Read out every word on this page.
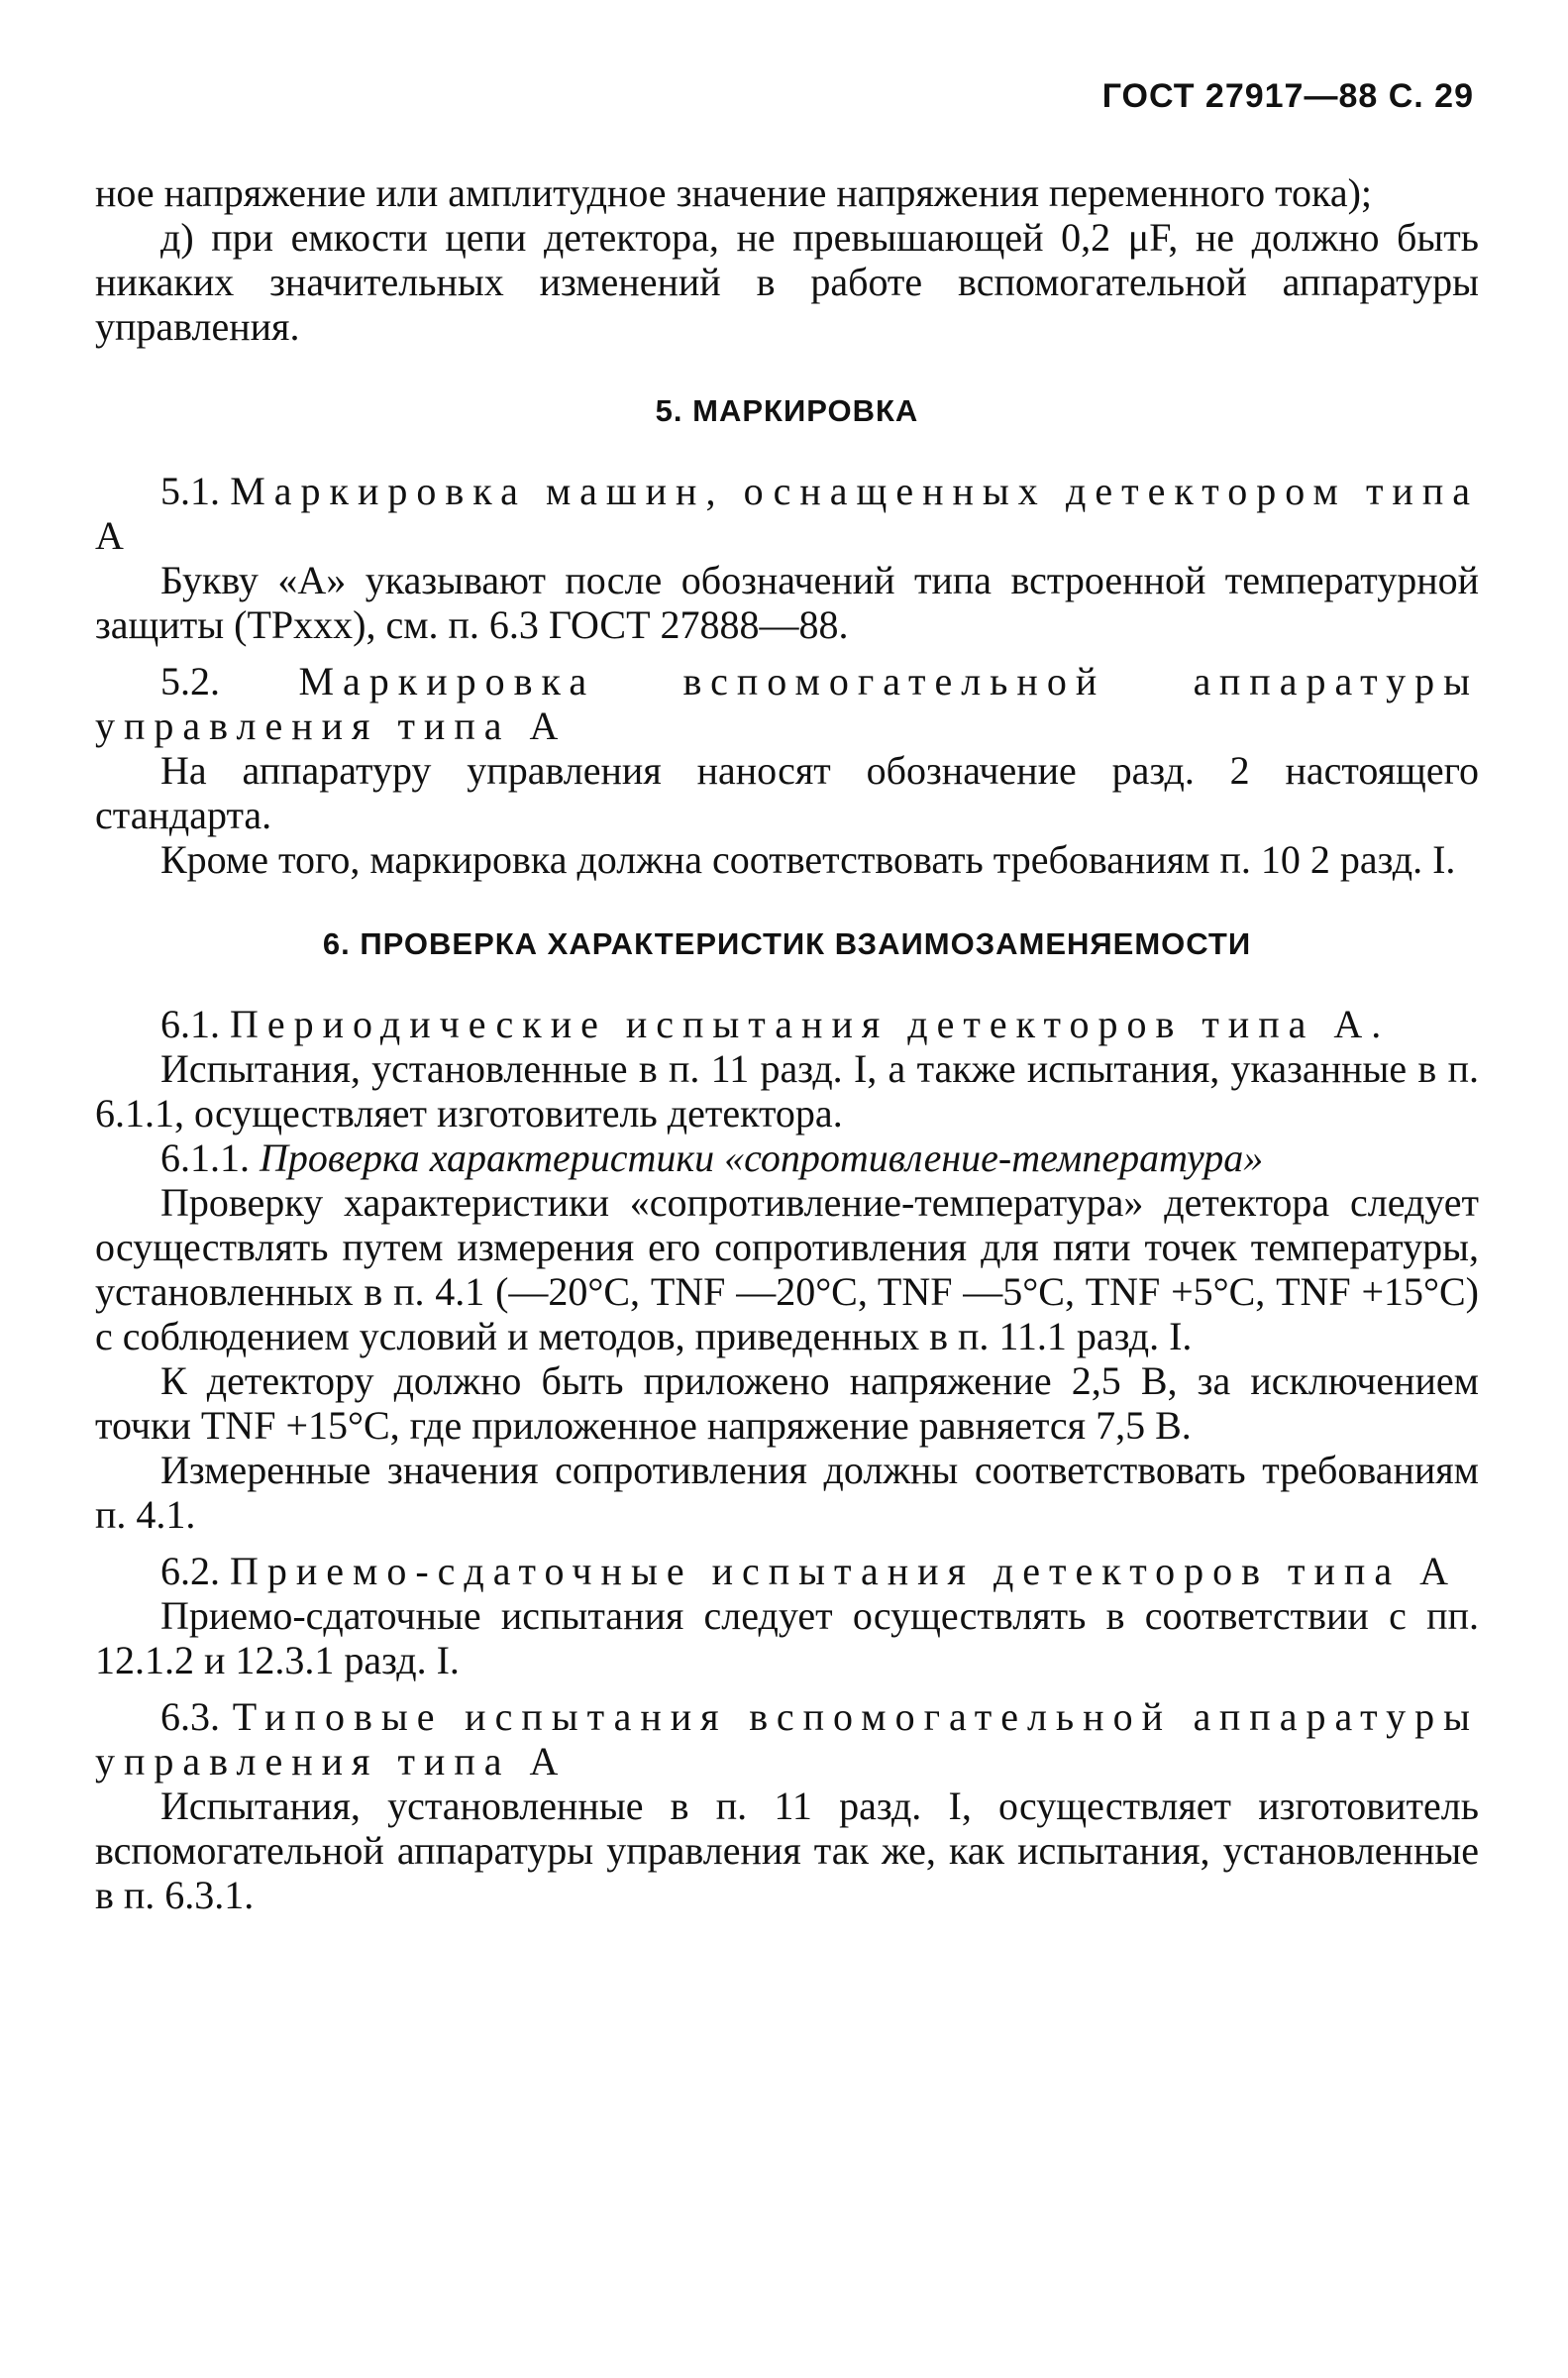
ГОСТ 27917—88 С. 29

ное напряжение или амплитудное значение напряжения переменного тока);

д) при емкости цепи детектора, не превышающей 0,2 μF, не должно быть никаких значительных изменений в работе вспомогательной аппаратуры управления.

5. МАРКИРОВКА

5.1. Маркировка машин, оснащенных детектором типа А

Букву «А» указывают после обозначений типа встроенной температурной защиты (ТРххх), см. п. 6.3 ГОСТ 27888—88.

5.2. Маркировка вспомогательной аппаратуры управления типа А

На аппаратуру управления наносят обозначение разд. 2 настоящего стандарта.

Кроме того, маркировка должна соответствовать требованиям п. 10 2 разд. I.

6. ПРОВЕРКА ХАРАКТЕРИСТИК ВЗАИМОЗАМЕНЯЕМОСТИ

6.1. Периодические испытания детекторов типа А.

Испытания, установленные в п. 11 разд. I, а также испытания, указанные в п. 6.1.1, осуществляет изготовитель детектора.

6.1.1. Проверка характеристики «сопротивление-температура»

Проверку характеристики «сопротивление-температура» детектора следует осуществлять путем измерения его сопротивления для пяти точек температуры, установленных в п. 4.1 (—20°С, TNF —20°C, TNF —5°С, TNF +5°С, TNF +15°С) с соблюдением условий и методов, приведенных в п. 11.1 разд. I.

К детектору должно быть приложено напряжение 2,5 В, за исключением точки TNF +15°С, где приложенное напряжение равняется 7,5 В.

Измеренные значения сопротивления должны соответствовать требованиям п. 4.1.

6.2. Приемо-сдаточные испытания детекторов типа А

Приемо-сдаточные испытания следует осуществлять в соответствии с пп. 12.1.2 и 12.3.1 разд. I.

6.3. Типовые испытания вспомогательной аппаратуры управления типа А

Испытания, установленные в п. 11 разд. I, осуществляет изготовитель вспомогательной аппаратуры управления так же, как испытания, установленные в п. 6.3.1.
